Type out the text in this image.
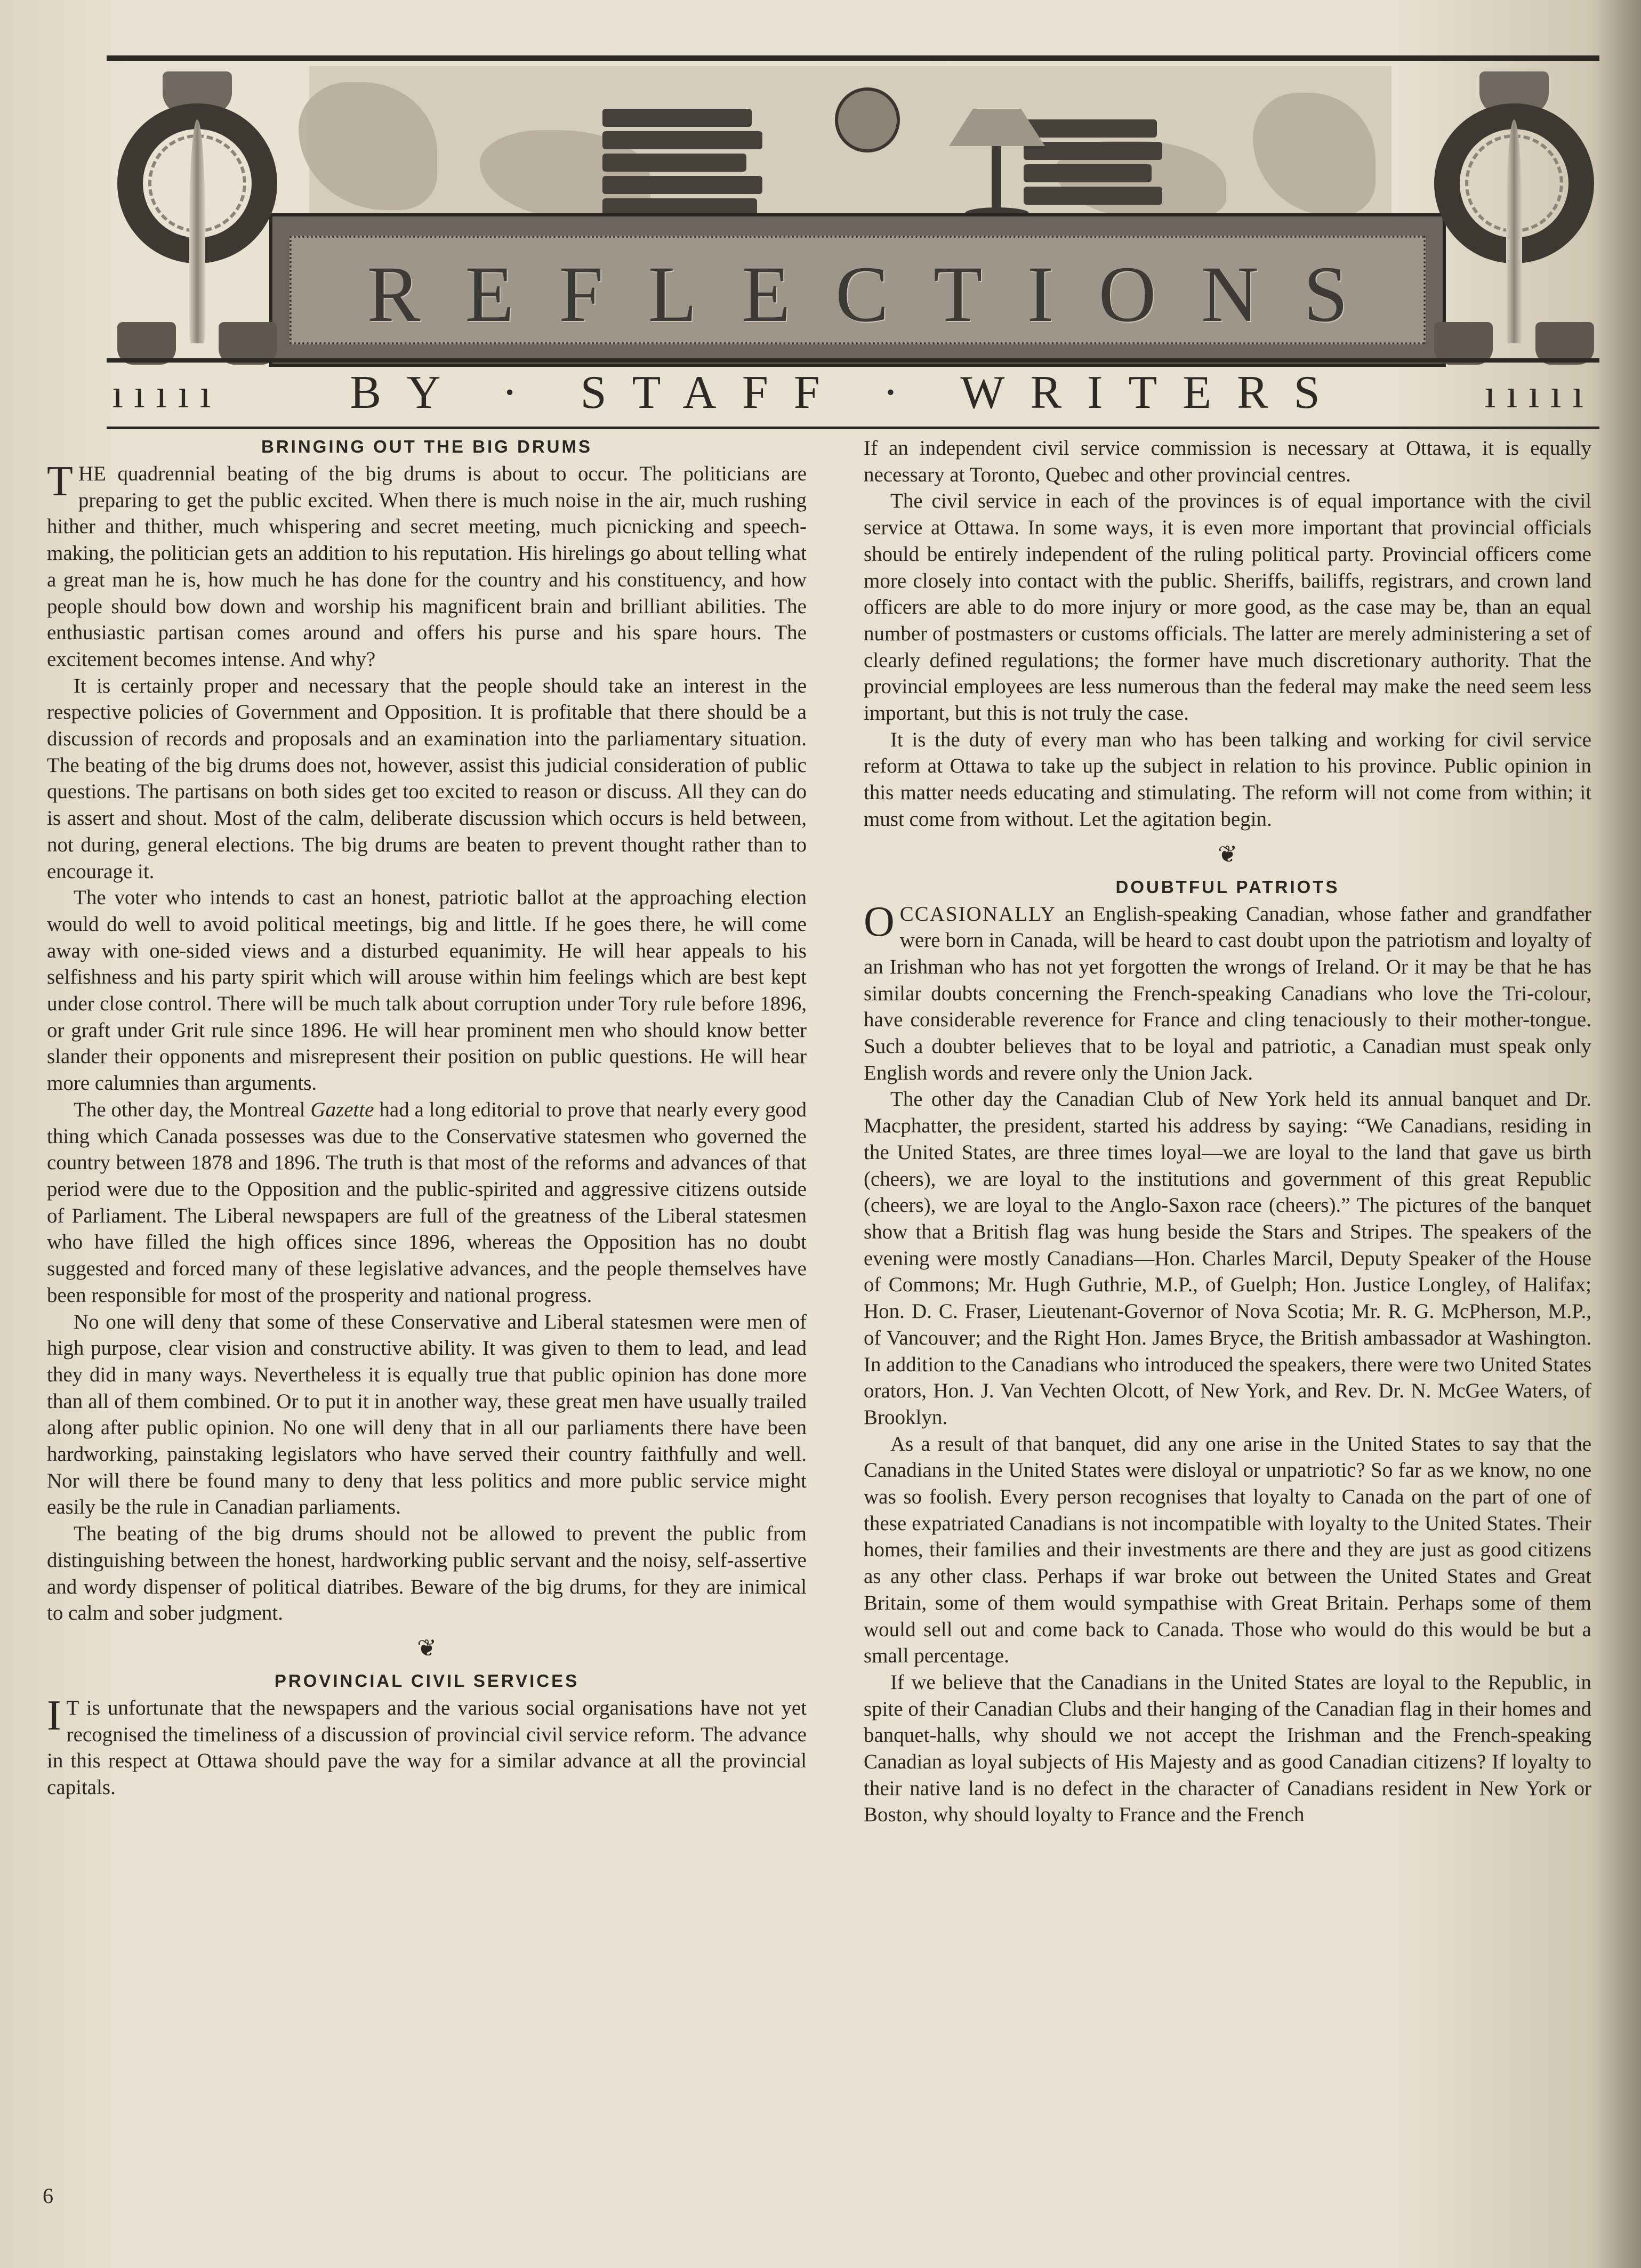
REFLECTIONS
ııııı	BY · STAFF · WRITERS	ııııı
BRINGING OUT THE BIG DRUMS

THE quadrennial beating of the big drums is about to occur. The politicians are preparing to get the public excited. When there is much noise in the air, much rushing hither and thither, much whispering and secret meeting, much picnicking and speech-making, the politician gets an addition to his reputation. His hirelings go about telling what a great man he is, how much he has done for the country and his constituency, and how people should bow down and worship his magnificent brain and brilliant abilities. The enthusiastic partisan comes around and offers his purse and his spare hours. The excitement becomes intense. And why?

It is certainly proper and necessary that the people should take an interest in the respective policies of Government and Opposition. It is profitable that there should be a discussion of records and proposals and an examination into the parliamentary situation. The beating of the big drums does not, however, assist this judicial consideration of public questions. The partisans on both sides get too excited to reason or discuss. All they can do is assert and shout. Most of the calm, deliberate discussion which occurs is held between, not during, general elections. The big drums are beaten to prevent thought rather than to encourage it.

The voter who intends to cast an honest, patriotic ballot at the approaching election would do well to avoid political meetings, big and little. If he goes there, he will come away with one-sided views and a disturbed equanimity. He will hear appeals to his selfishness and his party spirit which will arouse within him feelings which are best kept under close control. There will be much talk about corruption under Tory rule before 1896, or graft under Grit rule since 1896. He will hear prominent men who should know better slander their opponents and misrepresent their position on public questions. He will hear more calumnies than arguments.

The other day, the Montreal Gazette had a long editorial to prove that nearly every good thing which Canada possesses was due to the Conservative statesmen who governed the country between 1878 and 1896. The truth is that most of the reforms and advances of that period were due to the Opposition and the public-spirited and aggressive citizens outside of Parliament. The Liberal newspapers are full of the greatness of the Liberal statesmen who have filled the high offices since 1896, whereas the Opposition has no doubt suggested and forced many of these legislative advances, and the people themselves have been responsible for most of the prosperity and national progress.

No one will deny that some of these Conservative and Liberal statesmen were men of high purpose, clear vision and constructive ability. It was given to them to lead, and lead they did in many ways. Nevertheless it is equally true that public opinion has done more than all of them combined. Or to put it in another way, these great men have usually trailed along after public opinion. No one will deny that in all our parliaments there have been hardworking, painstaking legislators who have served their country faithfully and well. Nor will there be found many to deny that less politics and more public service might easily be the rule in Canadian parliaments.

The beating of the big drums should not be allowed to prevent the public from distinguishing between the honest, hardworking public servant and the noisy, self-assertive and wordy dispenser of political diatribes. Beware of the big drums, for they are inimical to calm and sober judgment.

❦
PROVINCIAL CIVIL SERVICES

I T is unfortunate that the newspapers and the various social organisations have not yet recognised the timeliness of a discussion of provincial civil service reform. The advance in this respect at Ottawa should pave the way for a similar advance at all the provincial capitals.

If an independent civil service commission is necessary at Ottawa, it is equally necessary at Toronto, Quebec and other provincial centres.

The civil service in each of the provinces is of equal importance with the civil service at Ottawa. In some ways, it is even more important that provincial officials should be entirely independent of the ruling political party. Provincial officers come more closely into contact with the public. Sheriffs, bailiffs, registrars, and crown land officers are able to do more injury or more good, as the case may be, than an equal number of postmasters or customs officials. The latter are merely administering a set of clearly defined regulations; the former have much discretionary authority. That the provincial employees are less numerous than the federal may make the need seem less important, but this is not truly the case.

It is the duty of every man who has been talking and working for civil service reform at Ottawa to take up the subject in relation to his province. Public opinion in this matter needs educating and stimulating. The reform will not come from within; it must come from without. Let the agitation begin.

❦
DOUBTFUL PATRIOTS

OCCASIONALLY an English-speaking Canadian, whose father and grandfather were born in Canada, will be heard to cast doubt upon the patriotism and loyalty of an Irishman who has not yet forgotten the wrongs of Ireland. Or it may be that he has similar doubts concerning the French-speaking Canadians who love the Tri-colour, have considerable reverence for France and cling tenaciously to their mother-tongue. Such a doubter believes that to be loyal and patriotic, a Canadian must speak only English words and revere only the Union Jack.

The other day the Canadian Club of New York held its annual banquet and Dr. Macphatter, the president, started his address by saying: “We Canadians, residing in the United States, are three times loyal—we are loyal to the land that gave us birth (cheers), we are loyal to the institutions and government of this great Republic (cheers), we are loyal to the Anglo-Saxon race (cheers).” The pictures of the banquet show that a British flag was hung beside the Stars and Stripes. The speakers of the evening were mostly Canadians—Hon. Charles Marcil, Deputy Speaker of the House of Commons; Mr. Hugh Guthrie, M.P., of Guelph; Hon. Justice Longley, of Halifax; Hon. D. C. Fraser, Lieutenant-Governor of Nova Scotia; Mr. R. G. McPherson, M.P., of Vancouver; and the Right Hon. James Bryce, the British ambassador at Washington. In addition to the Canadians who introduced the speakers, there were two United States orators, Hon. J. Van Vechten Olcott, of New York, and Rev. Dr. N. McGee Waters, of Brooklyn.

As a result of that banquet, did any one arise in the United States to say that the Canadians in the United States were disloyal or unpatriotic? So far as we know, no one was so foolish. Every person recognises that loyalty to Canada on the part of one of these expatriated Canadians is not incompatible with loyalty to the United States. Their homes, their families and their investments are there and they are just as good citizens as any other class. Perhaps if war broke out between the United States and Great Britain, some of them would sympathise with Great Britain. Perhaps some of them would sell out and come back to Canada. Those who would do this would be but a small percentage.

If we believe that the Canadians in the United States are loyal to the Republic, in spite of their Canadian Clubs and their hanging of the Canadian flag in their homes and banquet-halls, why should we not accept the Irishman and the French-speaking Canadian as loyal subjects of His Majesty and as good Canadian citizens? If loyalty to their native land is no defect in the character of Canadians resident in New York or Boston, why should loyalty to France and the French

6
